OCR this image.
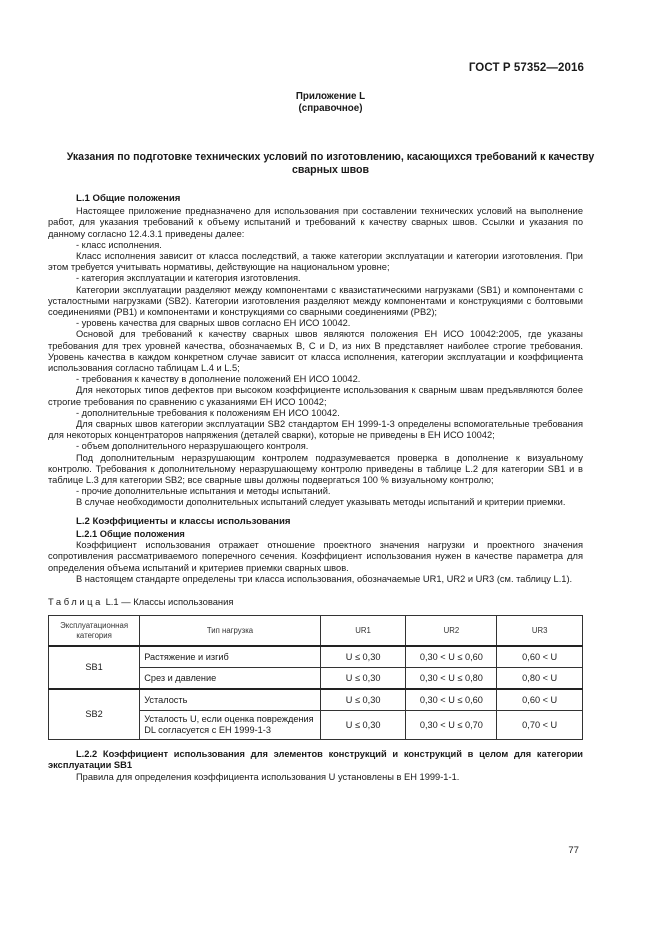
ГОСТ Р 57352—2016
Приложение L
(справочное)
Указания по подготовке технических условий по изготовлению, касающихся требований к качеству сварных швов

L.1 Общие положения

Настоящее приложение предназначено для использования при составлении технических условий на выполнение работ, для указания требований к объему испытаний и требований к качеству сварных швов. Ссылки и указания по данному согласно 12.4.3.1 приведены далее:

- класс исполнения.

Класс исполнения зависит от класса последствий, а также категории эксплуатации и категории изготовления. При этом требуется учитывать нормативы, действующие на национальном уровне;

- категория эксплуатации и категория изготовления.

Категории эксплуатации разделяют между компонентами с квазистатическими нагрузками (SB1) и компонентами с усталостными нагрузками (SB2). Категории изготовления разделяют между компонентами и конструкциями с болтовыми соединениями (PB1) и компонентами и конструкциями со сварными соединениями (PB2);

- уровень качества для сварных швов согласно ЕН ИСО 10042.

Основой для требований к качеству сварных швов являются положения ЕН ИСО 10042:2005, где указаны требования для трех уровней качества, обозначаемых В, С и D, из них В представляет наиболее строгие требования. Уровень качества в каждом конкретном случае зависит от класса исполнения, категории эксплуатации и коэффициента использования согласно таблицам L.4 и L.5;

- требования к качеству в дополнение положений ЕН ИСО 10042.

Для некоторых типов дефектов при высоком коэффициенте использования к сварным швам предъявляются более строгие требования по сравнению с указаниями ЕН ИСО 10042;

- дополнительные требования к положениям ЕН ИСО 10042.

Для сварных швов категории эксплуатации SB2 стандартом ЕН 1999-1-3 определены вспомогательные требования для некоторых концентраторов напряжения (деталей сварки), которые не приведены в ЕН ИСО 10042;

- объем дополнительного неразрушающего контроля.

Под дополнительным неразрушающим контролем подразумевается проверка в дополнение к визуальному контролю. Требования к дополнительному неразрушающему контролю приведены в таблице L.2 для категории SB1 и в таблице L.3 для категории SB2; все сварные швы должны подвергаться 100 % визуальному контролю;

- прочие дополнительные испытания и методы испытаний.

В случае необходимости дополнительных испытаний следует указывать методы испытаний и критерии приемки.

L.2 Коэффициенты и классы использования

L.2.1 Общие положения

Коэффициент использования отражает отношение проектного значения нагрузки и проектного значения сопротивления рассматриваемого поперечного сечения. Коэффициент использования нужен в качестве параметра для определения объема испытаний и критериев приемки сварных швов.

В настоящем стандарте определены три класса использования, обозначаемые UR1, UR2 и UR3 (см. таблицу L.1).

Таблица L.1 — Классы использования

Эксплуатационная категория	Тип нагрузка	UR1	UR2	UR3
SB1	Растяжение и изгиб	U ≤ 0,30	0,30 < U ≤ 0,60	0,60 < U
	Срез и давление	U ≤ 0,30	0,30 < U ≤ 0,80	0,80 < U
SB2	Усталость	U ≤ 0,30	0,30 < U ≤ 0,60	0,60 < U
	Усталость U, если оценка повреждения DL согласуется с ЕН 1999-1-3	U ≤ 0,30	0,30 < U ≤ 0,70	0,70 < U

L.2.2 Коэффициент использования для элементов конструкций и конструкций в целом для категории эксплуатации SB1

Правила для определения коэффициента использования U установлены в ЕН 1999-1-1.

77
